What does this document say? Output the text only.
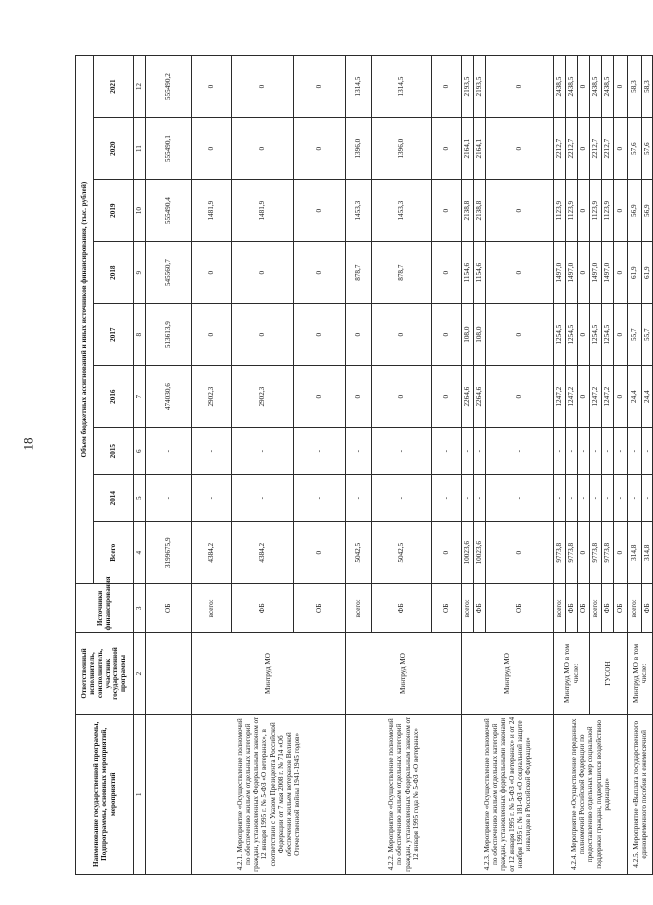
18
Наименование государственной программы, Подпрограммы, основных мероприятий, мероприятий	Ответственный исполнитель, соисполнитель, участник государственной программы	Источники финансирования	Объем бюджетных ассигнований и иных источников финансирования, (тыс. рублей)								
			Всего	2014	2015	2016	2017	2018	2019	2020	2021
1	2	3	4	5	6	7	8	9	10	11	12
		ОБ	3199675,9	-	-	474030,6	513613,9	545560,7	555490,4	555490,1	555490,2
4.2.1. Мероприятие «Осуществление полномочий по обеспечению жильем отдельных категорий граждан, установленных Федеральным законом от 12 января 1995 г. № 5-ФЗ «О ветеранах», в соответствии с Указом Президента Российской Федерации от 7 мая 2008 г. № 714 «Об обеспечении жильем ветеранов Великой Отечественной войны 1941-1945 годов»	Минтруд МО	всего:	4384,2	-	-	2902,3	0	0	1481,9	0	0
		ФБ	4384,2	-	-	2902,3	0	0	1481,9	0	0
		ОБ	0	-	-	0	0	0	0	0	0
4.2.2. Мероприятие «Осуществление полномочий по обеспечению жильем отдельных категорий граждан, установленных Федеральным законом от 12 января 1995 года № 5-ФЗ «О ветеранах»	Минтруд МО	всего:	5042,5	-	-	0	0	878,7	1453,3	1396,0	1314,5
		ФБ	5042,5	-	-	0	0	878,7	1453,3	1396,0	1314,5
		ОБ	0	-	-	0	0	0	0	0	0
4.2.3. Мероприятие «Осуществление полномочий по обеспечению жильем отдельных категорий граждан, установленных федеральными законами от 12 января 1995 г. № 5-ФЗ «О ветеранах» и от 24 ноября 1995 г. № 181-ФЗ «О социальной защите инвалидов в Российской Федерации»	Минтруд МО	всего:	10023,6	-	-	2264,6	108,0	1154,6	2138,8	2164,1	2193,5
		ФБ	10023,6	-	-	2264,6	108,0	1154,6	2138,8	2164,1	2193,5
		ОБ	0	-	-	0	0	0	0	0	0
4.2.4. Мероприятие «Осуществление переданных полномочий Российской Федерации по предоставлению отдельных мер социальной поддержки граждан, подвергшихся воздействию радиации»	Минтруд МО в том числе:	всего:	9773,8	-	-	1247,2	1254,5	1497,0	1123,9	2212,7	2438,5
		ФБ	9773,8	-	-	1247,2	1254,5	1497,0	1123,9	2212,7	2438,5
		ОБ	0	-	-	0	0	0	0	0	0
	ГУСОН	всего:	9773,8	-	-	1247,2	1254,5	1497,0	1123,9	2212,7	2438,5
		ФБ	9773,8	-	-	1247,2	1254,5	1497,0	1123,9	2212,7	2438,5
		ОБ	0	-	-	0	0	0	0	0	0
4.2.5. Мероприятие «Выплата государственного единовременного пособия и ежемесячной	Минтруд МО в том числе:	всего:	314,8	-	-	24,4	55,7	61,9	56,9	57,6	58,3
		ФБ	314,8	-	-	24,4	55,7	61,9	56,9	57,6	58,3
